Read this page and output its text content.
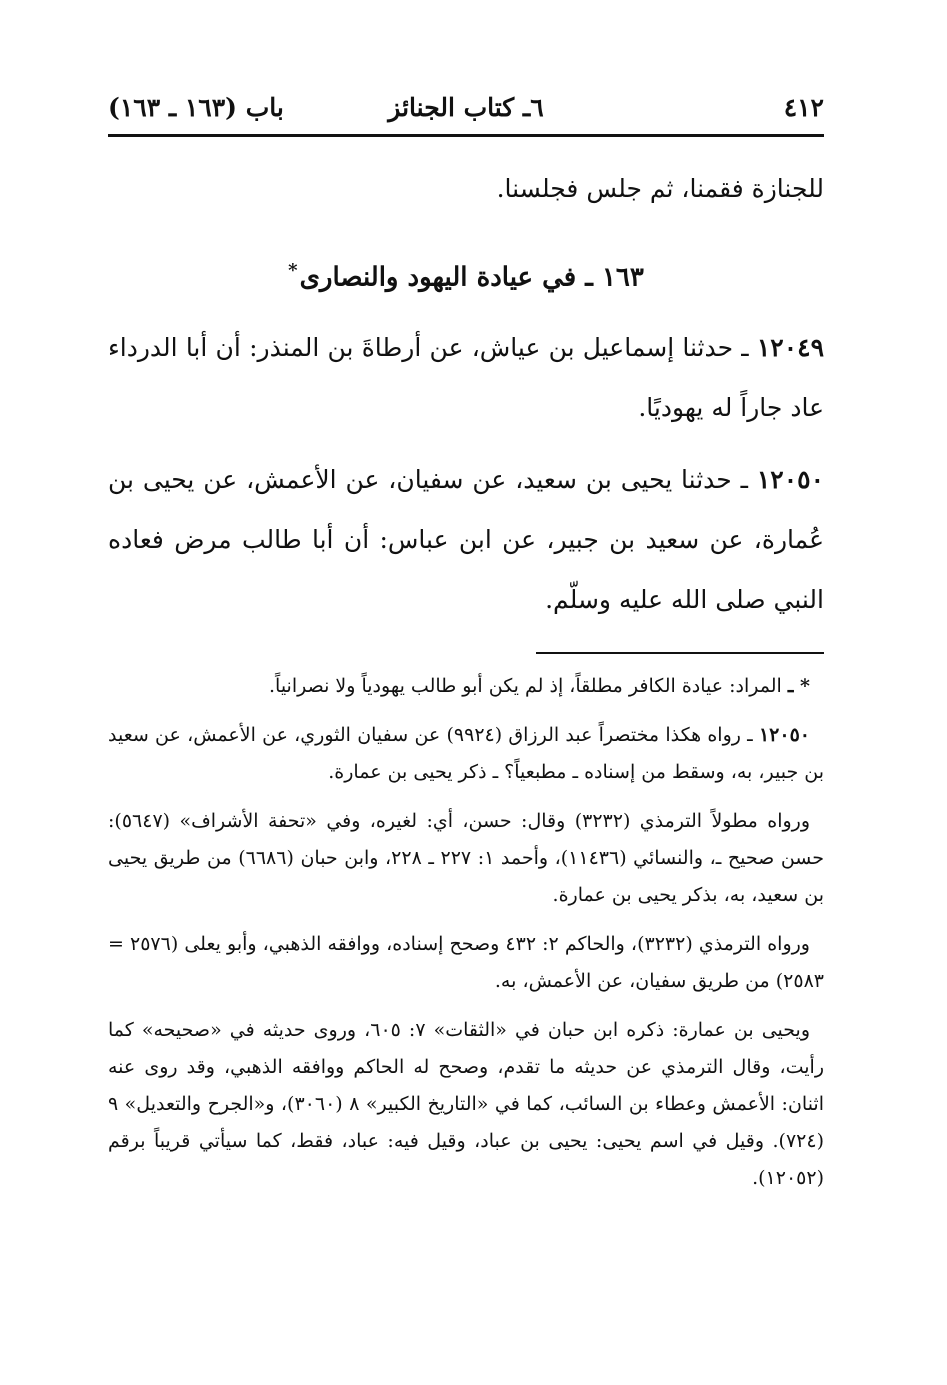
٤١٢
٦ـ كتاب الجنائز
باب (١٦٣ ـ ١٦٣)
للجنازة فقمنا، ثم جلس فجلسنا.
١٦٣ ـ في عيادة اليهود والنصارى*
١٢٠٤٩ ـ حدثنا إسماعيل بن عياش، عن أرطاةَ بن المنذر: أن أبا الدرداء عاد جاراً له يهوديًا.
١٢٠٥٠ ـ حدثنا يحيى بن سعيد، عن سفيان، عن الأعمش، عن يحيى بن عُمارة، عن سعيد بن جبير، عن ابن عباس: أن أبا طالب مرض فعاده النبي صلى الله عليه وسلّم.
* ـ المراد: عيادة الكافر مطلقاً، إذ لم يكن أبو طالب يهودياً ولا نصرانياً.
١٢٠٥٠ ـ رواه هكذا مختصراً عبد الرزاق (٩٩٢٤) عن سفيان الثوري، عن الأعمش، عن سعيد بن جبير، به، وسقط من إسناده ـ مطبعياً؟ ـ ذكر يحيى بن عمارة.
ورواه مطولاً الترمذي (٣٢٣٢) وقال: حسن، أي: لغيره، وفي «تحفة الأشراف» (٥٦٤٧): حسن صحيح ـ، والنسائي (١١٤٣٦)، وأحمد ١: ٢٢٧ ـ ٢٢٨، وابن حبان (٦٦٨٦) من طريق يحيى بن سعيد، به، بذكر يحيى بن عمارة.
ورواه الترمذي (٣٢٣٢)، والحاكم ٢: ٤٣٢ وصحح إسناده، ووافقه الذهبي، وأبو يعلى (٢٥٧٦ = ٢٥٨٣) من طريق سفيان، عن الأعمش، به.
ويحيى بن عمارة: ذكره ابن حبان في «الثقات» ٧: ٦٠٥، وروى حديثه في «صحيحه» كما رأيت، وقال الترمذي عن حديثه ما تقدم، وصحح له الحاكم ووافقه الذهبي، وقد روى عنه اثنان: الأعمش وعطاء بن السائب، كما في «التاريخ الكبير» ٨ (٣٠٦٠)، و«الجرح والتعديل» ٩ (٧٢٤). وقيل في اسم يحيى: يحيى بن عباد، وقيل فيه: عباد، فقط، كما سيأتي قريباً برقم (١٢٠٥٢).
